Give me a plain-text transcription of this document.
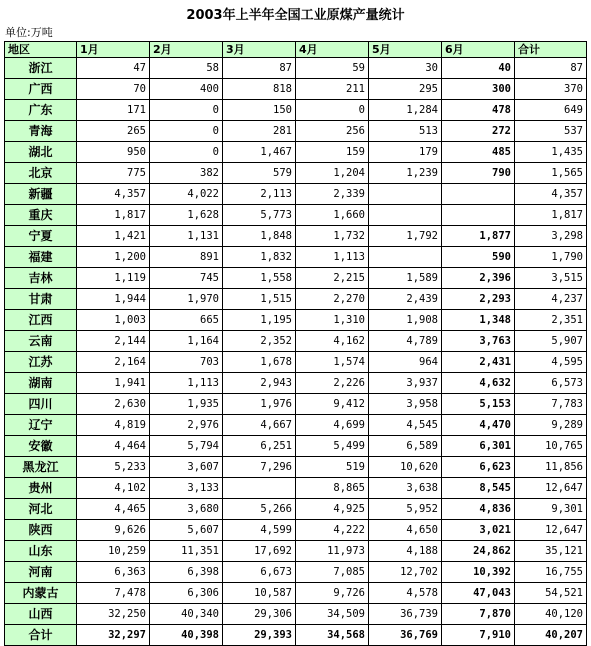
2003年上半年全国工业原煤产量统计
单位:万吨
地区	1月	2月	3月	4月	5月	6月	合计
浙江	47	58	87	59	30	40	87
广西	70	400	818	211	295	300	370
广东	171	0	150	0	1,284	478	649
青海	265	0	281	256	513	272	537
湖北	950	0	1,467	159	179	485	1,435
北京	775	382	579	1,204	1,239	790	1,565
新疆	4,357	4,022	2,113	2,339			4,357
重庆	1,817	1,628	5,773	1,660			1,817
宁夏	1,421	1,131	1,848	1,732	1,792	1,877	3,298
福建	1,200	891	1,832	1,113		590	1,790
吉林	1,119	745	1,558	2,215	1,589	2,396	3,515
甘肃	1,944	1,970	1,515	2,270	2,439	2,293	4,237
江西	1,003	665	1,195	1,310	1,908	1,348	2,351
云南	2,144	1,164	2,352	4,162	4,789	3,763	5,907
江苏	2,164	703	1,678	1,574	964	2,431	4,595
湖南	1,941	1,113	2,943	2,226	3,937	4,632	6,573
四川	2,630	1,935	1,976	9,412	3,958	5,153	7,783
辽宁	4,819	2,976	4,667	4,699	4,545	4,470	9,289
安徽	4,464	5,794	6,251	5,499	6,589	6,301	10,765
黑龙江	5,233	3,607	7,296	519	10,620	6,623	11,856
贵州	4,102	3,133		8,865	3,638	8,545	12,647
河北	4,465	3,680	5,266	4,925	5,952	4,836	9,301
陕西	9,626	5,607	4,599	4,222	4,650	3,021	12,647
山东	10,259	11,351	17,692	11,973	4,188	24,862	35,121
河南	6,363	6,398	6,673	7,085	12,702	10,392	16,755
内蒙古	7,478	6,306	10,587	9,726	4,578	47,043	54,521
山西	32,250	40,340	29,306	34,509	36,739	7,870	40,120
合计	32,297	40,398	29,393	34,568	36,769	7,910	40,207
